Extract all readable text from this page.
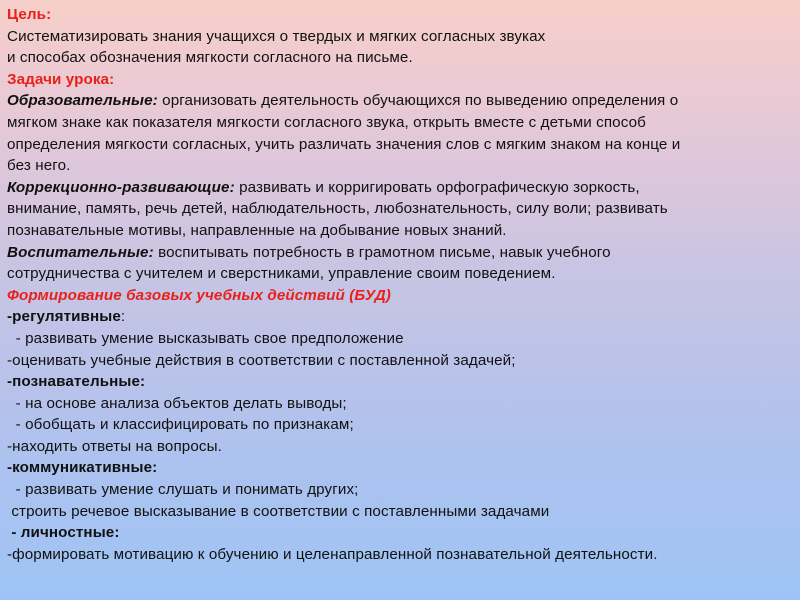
Цель:
Систематизировать знания учащихся о твердых и мягких согласных звуках
и способах обозначения мягкости согласного на письме.
Задачи урока:
Образовательные: организовать деятельность обучающихся по выведению определения о
мягком знаке как показателя мягкости согласного звука, открыть вместе с детьми способ
определения мягкости согласных, учить различать значения слов с мягким знаком на конце и
без него.
Коррекционно-развивающие: развивать и корригировать орфографическую зоркость,
внимание, память, речь детей, наблюдательность, любознательность, силу воли; развивать
познавательные мотивы, направленные на добывание новых знаний.
Воспитательные: воспитывать потребность в грамотном письме, навык учебного
сотрудничества с учителем и сверстниками, управление своим поведением.
Формирование базовых учебных действий (БУД)
-регулятивные:
- развивать умение высказывать свое предположение
-оценивать учебные действия в соответствии с поставленной задачей;
-познавательные:
- на основе анализа объектов делать выводы;
- обобщать и классифицировать по признакам;
-находить ответы на вопросы.
-коммуникативные:
- развивать умение слушать и понимать других;
строить речевое высказывание в соответствии с поставленными задачами
- личностные:
-формировать мотивацию к обучению и целенаправленной познавательной деятельности.
